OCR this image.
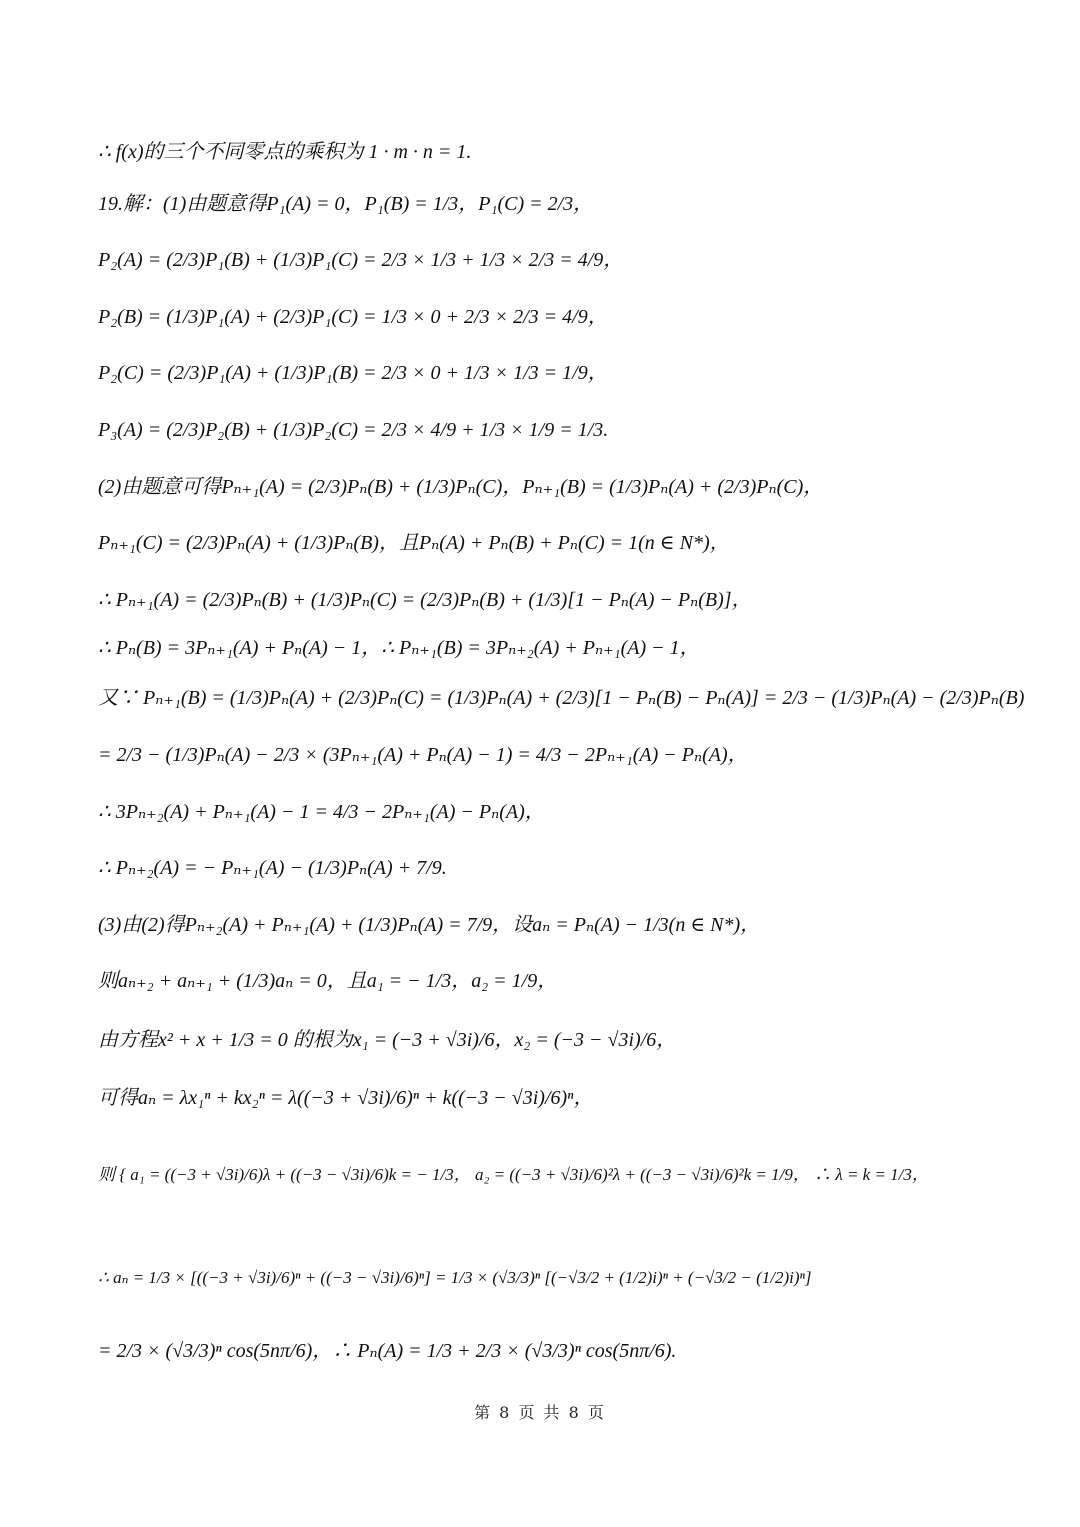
∴ f(x)的三个不同零点的乘积为 1 · m · n = 1.
19.解：(1)由题意得P₁(A) = 0，P₁(B) = 1/3，P₁(C) = 2/3，
P₂(A) = (2/3)P₁(B) + (1/3)P₁(C) = 2/3 × 1/3 + 1/3 × 2/3 = 4/9，
P₂(B) = (1/3)P₁(A) + (2/3)P₁(C) = 1/3 × 0 + 2/3 × 2/3 = 4/9，
P₂(C) = (2/3)P₁(A) + (1/3)P₁(B) = 2/3 × 0 + 1/3 × 1/3 = 1/9，
P₃(A) = (2/3)P₂(B) + (1/3)P₂(C) = 2/3 × 4/9 + 1/3 × 1/9 = 1/3.
(2)由题意可得Pₙ₊₁(A) = (2/3)Pₙ(B) + (1/3)Pₙ(C)，Pₙ₊₁(B) = (1/3)Pₙ(A) + (2/3)Pₙ(C)，
Pₙ₊₁(C) = (2/3)Pₙ(A) + (1/3)Pₙ(B)，且Pₙ(A) + Pₙ(B) + Pₙ(C) = 1(n ∈ N*)，
∴ Pₙ₊₁(A) = (2/3)Pₙ(B) + (1/3)Pₙ(C) = (2/3)Pₙ(B) + (1/3)[1 − Pₙ(A) − Pₙ(B)]，
∴ Pₙ(B) = 3Pₙ₊₁(A) + Pₙ(A) − 1，∴ Pₙ₊₁(B) = 3Pₙ₊₂(A) + Pₙ₊₁(A) − 1，
又∵ Pₙ₊₁(B) = (1/3)Pₙ(A) + (2/3)Pₙ(C) = (1/3)Pₙ(A) + (2/3)[1 − Pₙ(B) − Pₙ(A)] = 2/3 − (1/3)Pₙ(A) − (2/3)Pₙ(B)
= 2/3 − (1/3)Pₙ(A) − 2/3 × (3Pₙ₊₁(A) + Pₙ(A) − 1) = 4/3 − 2Pₙ₊₁(A) − Pₙ(A)，
∴ 3Pₙ₊₂(A) + Pₙ₊₁(A) − 1 = 4/3 − 2Pₙ₊₁(A) − Pₙ(A)，
∴ Pₙ₊₂(A) = − Pₙ₊₁(A) − (1/3)Pₙ(A) + 7/9.
(3)由(2)得Pₙ₊₂(A) + Pₙ₊₁(A) + (1/3)Pₙ(A) = 7/9，设aₙ = Pₙ(A) − 1/3(n ∈ N*)，
则aₙ₊₂ + aₙ₊₁ + (1/3)aₙ = 0，且a₁ = − 1/3，a₂ = 1/9，
由方程x² + x + 1/3 = 0 的根为x₁ = (−3 + √3i)/6，x₂ = (−3 − √3i)/6，
可得aₙ = λx₁ⁿ + kx₂ⁿ = λ((−3 + √3i)/6)ⁿ + k((−3 − √3i)/6)ⁿ，
则 { a₁ = ((−3 + √3i)/6)λ + ((−3 − √3i)/6)k = − 1/3， a₂ = ((−3 + √3i)/6)²λ + ((−3 − √3i)/6)²k = 1/9， ∴ λ = k = 1/3，
∴ aₙ = 1/3 × [((−3 + √3i)/6)ⁿ + ((−3 − √3i)/6)ⁿ] = 1/3 × (√3/3)ⁿ [(−√3/2 + (1/2)i)ⁿ + (−√3/2 − (1/2)i)ⁿ]
= 2/3 × (√3/3)ⁿ cos(5nπ/6)，∴ Pₙ(A) = 1/3 + 2/3 × (√3/3)ⁿ cos(5nπ/6).
第 8 页 共 8 页
